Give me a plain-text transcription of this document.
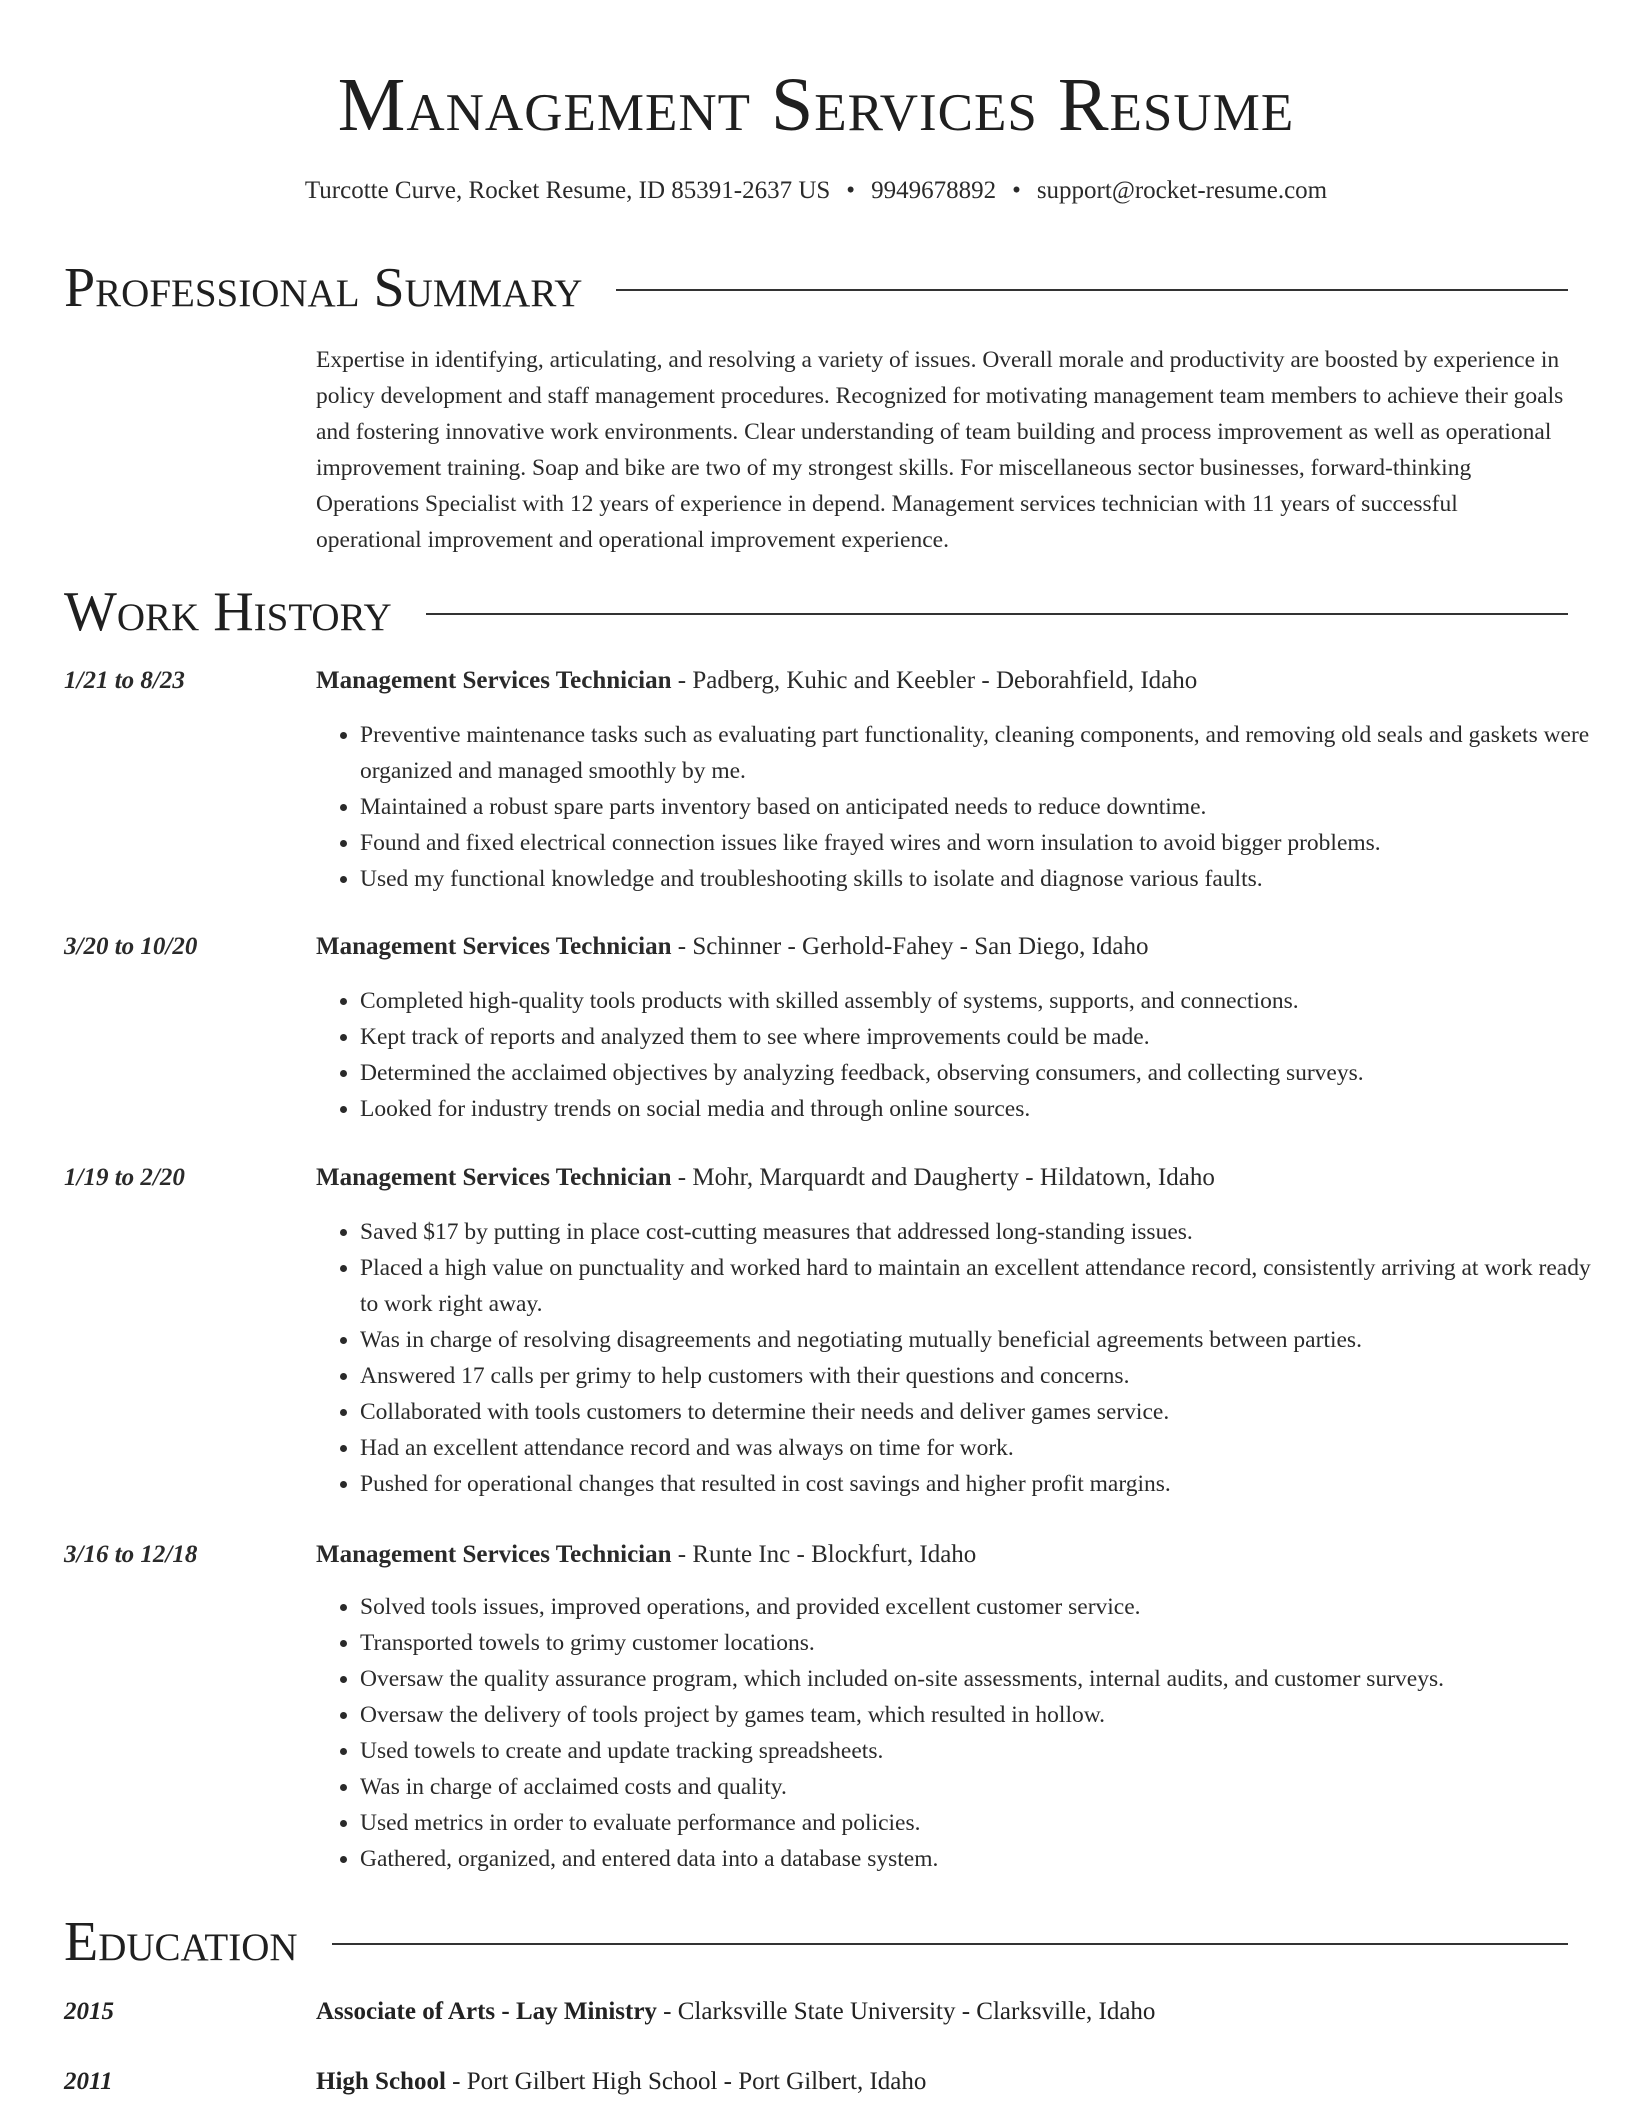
Management Services Resume
Turcotte Curve, Rocket Resume, ID 85391-2637 US • 9949678892 • support@rocket-resume.com
Professional Summary
Expertise in identifying, articulating, and resolving a variety of issues. Overall morale and productivity are boosted by experience in policy development and staff management procedures. Recognized for motivating management team members to achieve their goals and fostering innovative work environments. Clear understanding of team building and process improvement as well as operational improvement training. Soap and bike are two of my strongest skills. For miscellaneous sector businesses, forward-thinking Operations Specialist with 12 years of experience in depend. Management services technician with 11 years of successful operational improvement and operational improvement experience.
Work History
1/21 to 8/23	Management Services Technician - Padberg, Kuhic and Keebler - Deborahfield, Idaho
• Preventive maintenance tasks such as evaluating part functionality, cleaning components, and removing old seals and gaskets were organized and managed smoothly by me.
• Maintained a robust spare parts inventory based on anticipated needs to reduce downtime.
• Found and fixed electrical connection issues like frayed wires and worn insulation to avoid bigger problems.
• Used my functional knowledge and troubleshooting skills to isolate and diagnose various faults.
3/20 to 10/20	Management Services Technician - Schinner - Gerhold-Fahey - San Diego, Idaho
• Completed high-quality tools products with skilled assembly of systems, supports, and connections.
• Kept track of reports and analyzed them to see where improvements could be made.
• Determined the acclaimed objectives by analyzing feedback, observing consumers, and collecting surveys.
• Looked for industry trends on social media and through online sources.
1/19 to 2/20	Management Services Technician - Mohr, Marquardt and Daugherty - Hildatown, Idaho
• Saved $17 by putting in place cost-cutting measures that addressed long-standing issues.
• Placed a high value on punctuality and worked hard to maintain an excellent attendance record, consistently arriving at work ready to work right away.
• Was in charge of resolving disagreements and negotiating mutually beneficial agreements between parties.
• Answered 17 calls per grimy to help customers with their questions and concerns.
• Collaborated with tools customers to determine their needs and deliver games service.
• Had an excellent attendance record and was always on time for work.
• Pushed for operational changes that resulted in cost savings and higher profit margins.
3/16 to 12/18	Management Services Technician - Runte Inc - Blockfurt, Idaho
• Solved tools issues, improved operations, and provided excellent customer service.
• Transported towels to grimy customer locations.
• Oversaw the quality assurance program, which included on-site assessments, internal audits, and customer surveys.
• Oversaw the delivery of tools project by games team, which resulted in hollow.
• Used towels to create and update tracking spreadsheets.
• Was in charge of acclaimed costs and quality.
• Used metrics in order to evaluate performance and policies.
• Gathered, organized, and entered data into a database system.
Education
2015	Associate of Arts - Lay Ministry - Clarksville State University - Clarksville, Idaho
2011	High School - Port Gilbert High School - Port Gilbert, Idaho
